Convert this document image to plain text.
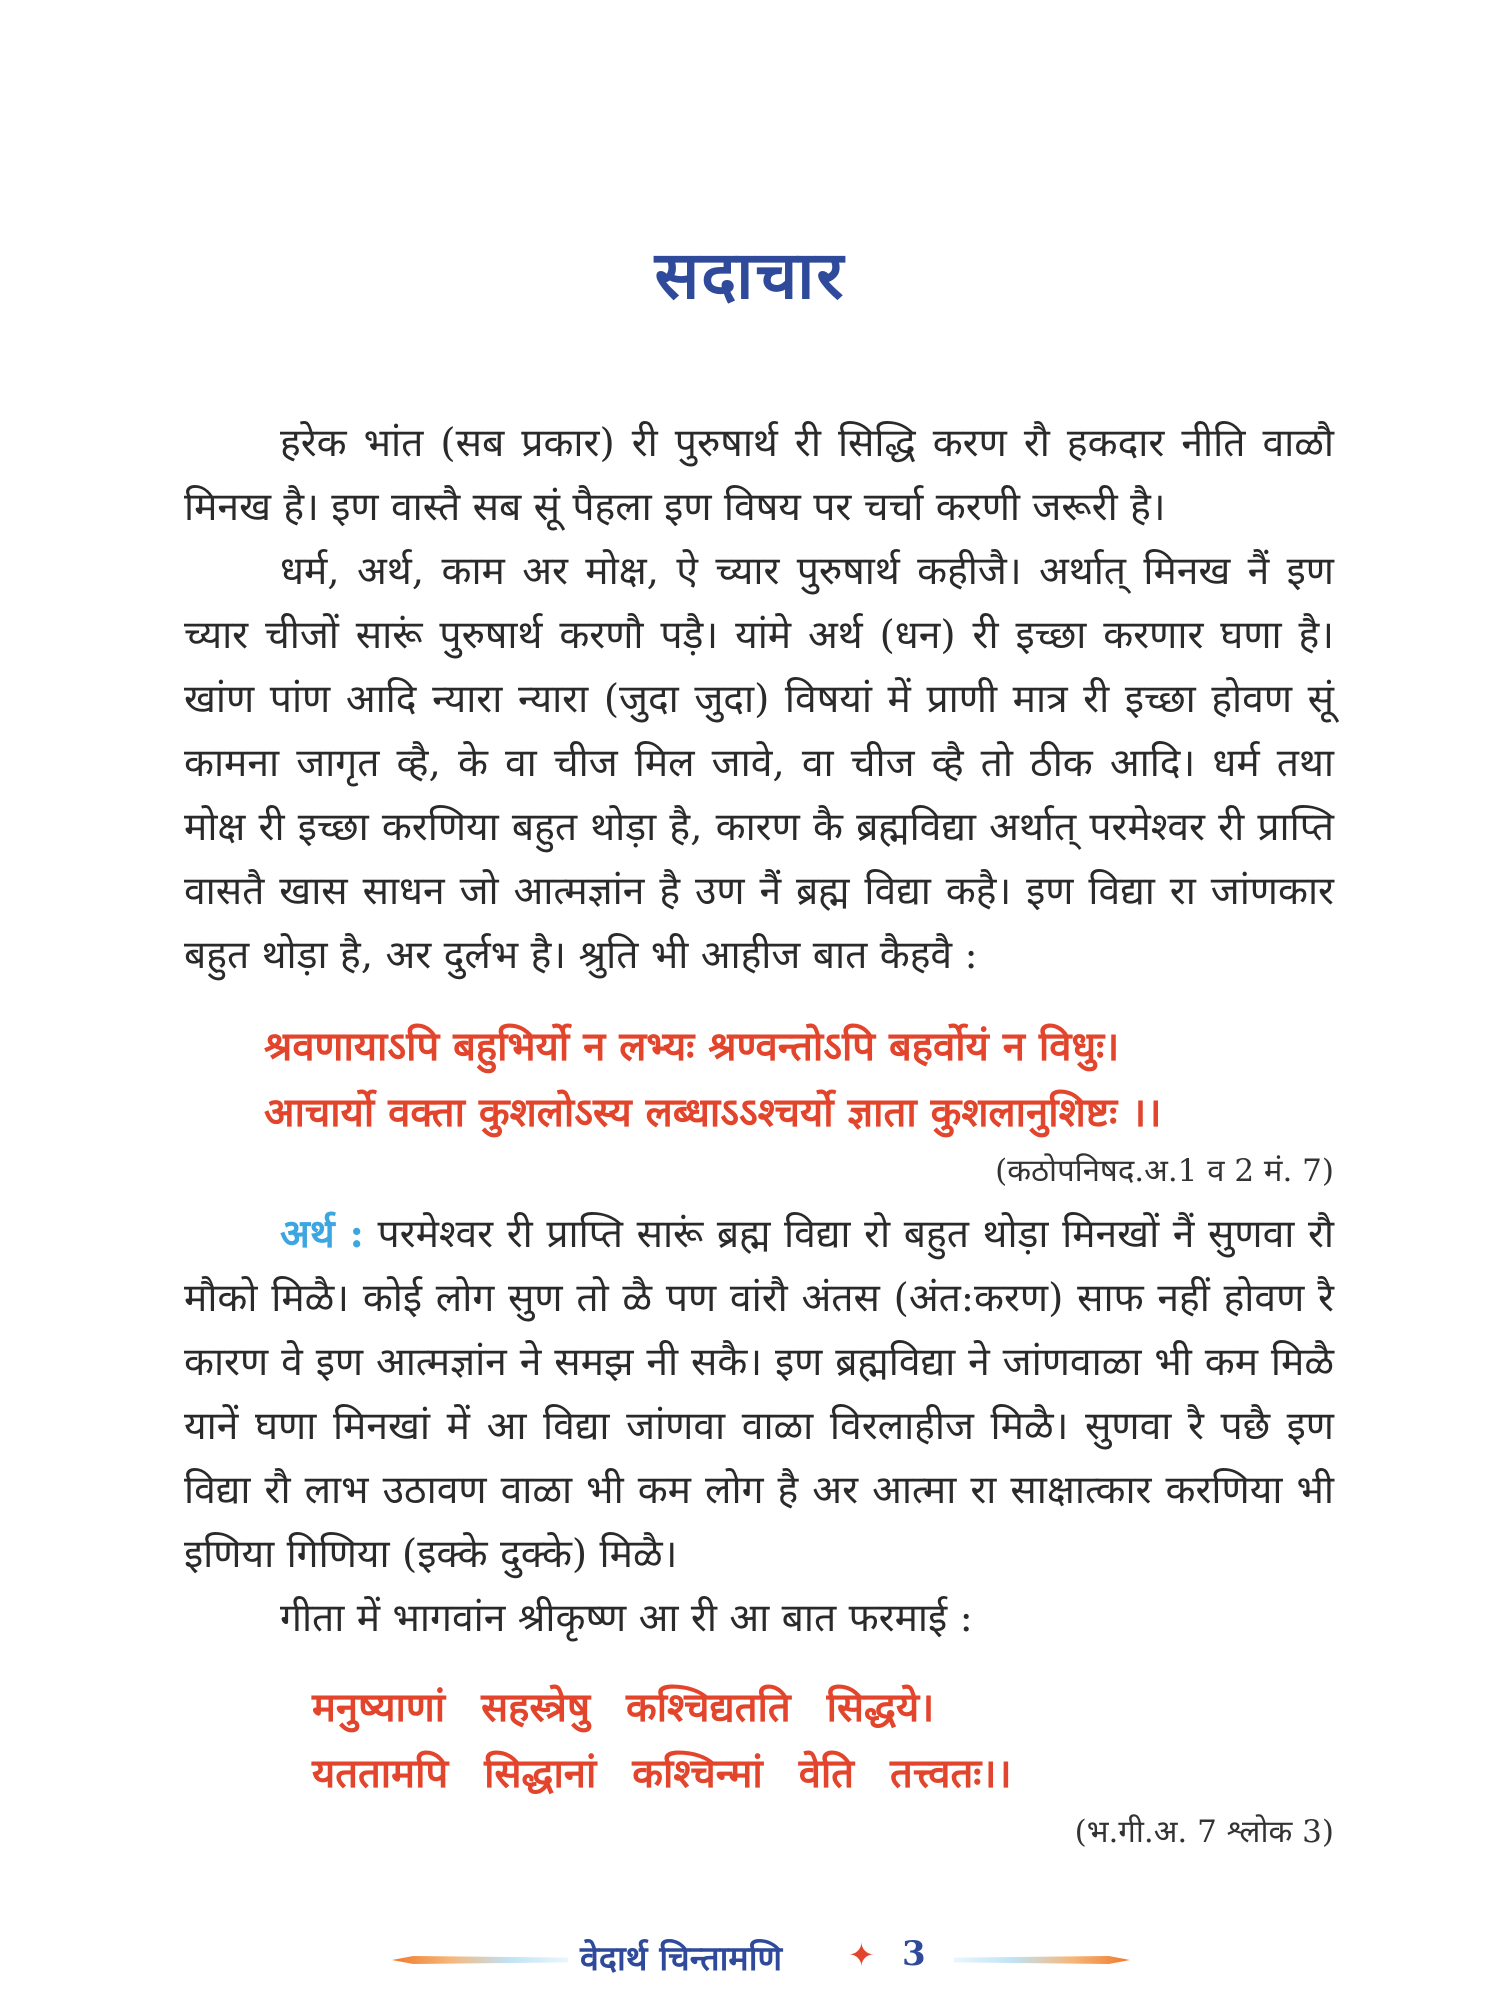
सदाचार

हरेक भांत (सब प्रकार) री पुरुषार्थ री सिद्धि करण रौ हकदार नीति वाळौ मिनख है। इण वास्तै सब सूं पैहला इण विषय पर चर्चा करणी जरूरी है।

धर्म, अर्थ, काम अर मोक्ष, ऐ च्यार पुरुषार्थ कहीजै। अर्थात् मिनख नैं इण च्यार चीजों सारूं पुरुषार्थ करणौ पड़ै। यांमे अर्थ (धन) री इच्छा करणार घणा है। खांण पांण आदि न्यारा न्यारा (जुदा जुदा) विषयां में प्राणी मात्र री इच्छा होवण सूं कामना जागृत व्है, के वा चीज मिल जावे, वा चीज व्है तो ठीक आदि। धर्म तथा मोक्ष री इच्छा करणिया बहुत थोड़ा है, कारण कै ब्रह्मविद्या अर्थात् परमेश्वर री प्राप्ति वासतै खास साधन जो आत्मज्ञांन है उण नैं ब्रह्म विद्या कहै। इण विद्या रा जांणकार बहुत थोड़ा है, अर दुर्लभ है। श्रुति भी आहीज बात कैहवै :

श्रवणायाऽपि बहुभिर्यो न लभ्यः श्रण्वन्तोऽपि बहर्वोयं न विधुः।

आचार्यो वक्ता कुशलोऽस्य लब्धाऽऽश्चर्यो ज्ञाता कुशलानुशिष्टः ।।

(कठोपनिषद.अ.1 व 2 मं. 7)

अर्थ : परमेश्वर री प्राप्ति सारूं ब्रह्म विद्या रो बहुत थोड़ा मिनखों नैं सुणवा रौ मौको मिळै। कोई लोग सुण तो ळै पण वांरौ अंतस (अंत:करण) साफ नहीं होवण रै कारण वे इण आत्मज्ञांन ने समझ नी सकै। इण ब्रह्मविद्या ने जांणवाळा भी कम मिळै यानें घणा मिनखां में आ विद्या जांणवा वाळा विरलाहीज मिळै। सुणवा रै पछै इण विद्या रौ लाभ उठावण वाळा भी कम लोग है अर आत्मा रा साक्षात्कार करणिया भी इणिया गिणिया (इक्के दुक्के) मिळै।

गीता में भागवांन श्रीकृष्ण आ री आ बात फरमाई :

मनुष्याणां सहस्त्रेषु कश्चिद्यतति सिद्धये।

यततामपि सिद्धानां कश्चिन्मां वेति तत्त्वतः।।

(भ.गी.अ. 7 श्लोक 3)

वेदार्थ चिन्तामणि ✦ 3
